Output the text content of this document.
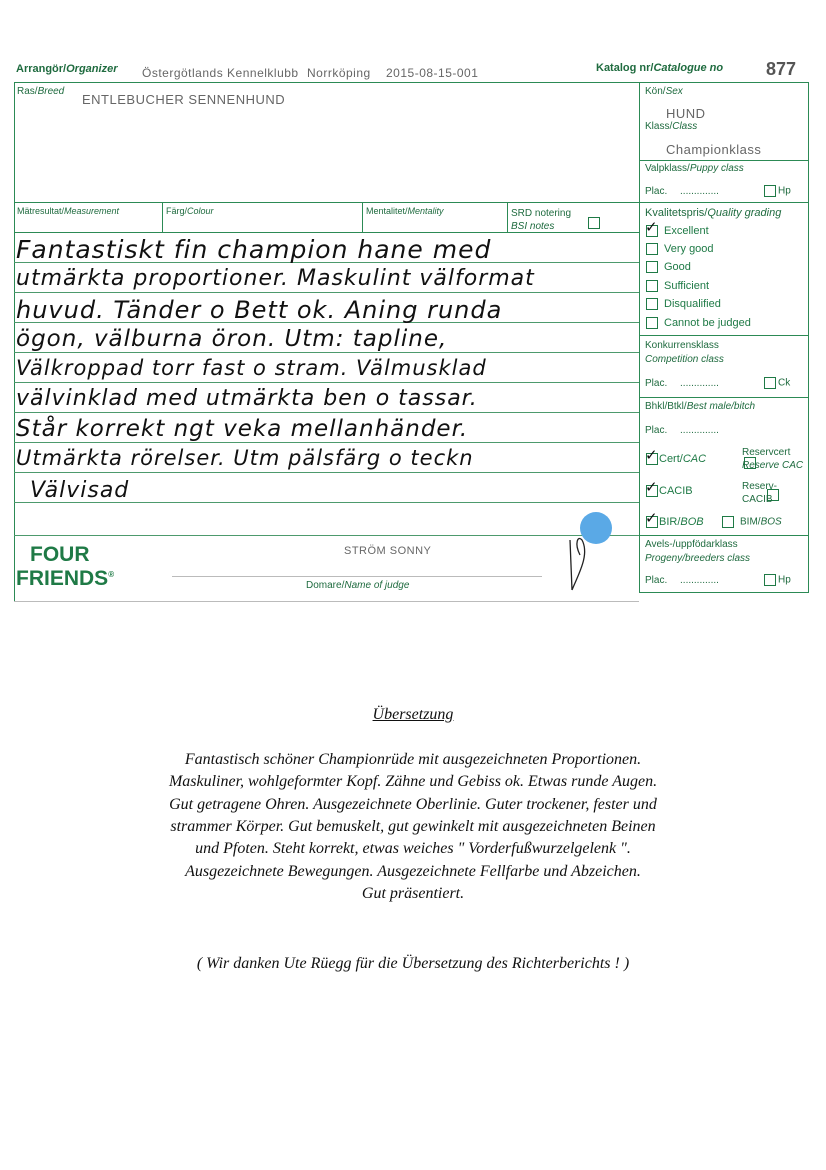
Arrangör/Organizer Östergötlands Kennelklubb Norrköping 2015-08-15-001	Katalog nr/Catalogue no 877
Ras/Breed
ENTLEBUCHER SENNENHUND
Kön/Sex
HUND
Klass/Class
Championklass
Valpklass/Puppy class
Plac. ..............	Hp
Mätresultat/Measurement	Färg/Colour	Mentalitet/Mentality	SRD notering
BSI notes

Kvalitetspris/Quality grading
✓Excellent
Very good
Good
Sufficient
Disqualified
Cannot be judged
Konkurrensklass
Competition class
Plac. ..............	Ck
Bhkl/Btkl/Best male/bitch
Plac. ..............
✓Cert/CAC

Reservcert
Reserve CAC
✓CACIB	Reserv-
CACIB
✓BIR/BOB	BIM/BOS
Avels-/uppfödarklass
Progeny/breeders class
Plac. ..............	Hp
Fantastiskt fin champion hane med
utmärkta proportioner. Maskulint välformat
huvud. Tänder o Bett ok. Aning runda
ögon, välburna öron. Utm: tapline,
Välkroppad torr fast o stram. Välmusklad
välvinklad med utmärkta ben o tassar.
Står korrekt ngt veka mellanhänder.
Utmärkta rörelser. Utm pälsfärg o teckn
Välvisad
FOUR
FRIENDS®
STRÖM SONNY
Domare/Name of judge
Übersetzung
Fantastisch schöner Championrüde mit ausgezeichneten Proportionen.
Maskuliner, wohlgeformter Kopf. Zähne und Gebiss ok. Etwas runde Augen.
Gut getragene Ohren. Ausgezeichnete Oberlinie. Guter trockener, fester und
strammer Körper. Gut bemuskelt, gut gewinkelt mit ausgezeichneten Beinen
und Pfoten. Steht korrekt, etwas weiches " Vorderfußwurzelgelenk ".
Ausgezeichnete Bewegungen. Ausgezeichnete Fellfarbe und Abzeichen.
Gut präsentiert.
( Wir danken Ute Rüegg für die Übersetzung des Richterberichts ! )
